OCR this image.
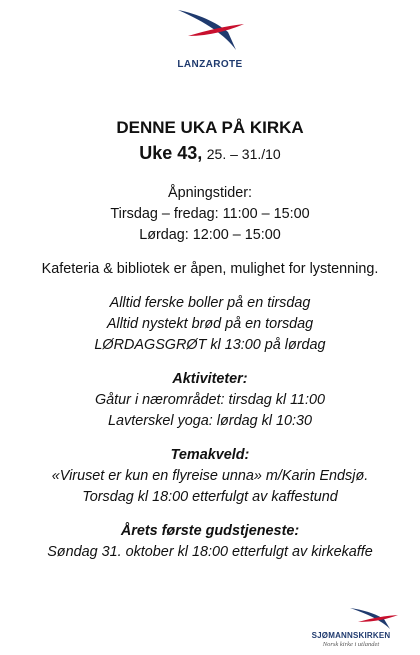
LANZAROTE
DENNE UKA PÅ KIRKA
Uke 43, 25. – 31./10
Åpningstider:
Tirsdag – fredag: 11:00 – 15:00
Lørdag: 12:00 – 15:00
Kafeteria & bibliotek er åpen, mulighet for lystenning.
Alltid ferske boller på en tirsdag
Alltid nystekt brød på en torsdag
LØRDAGSGRØT kl 13:00 på lørdag
Aktiviteter:
Gåtur i nærområdet: tirsdag kl 11:00
Lavterskel yoga: lørdag kl 10:30
Temakveld:
«Viruset er kun en flyreise unna» m/Karin Endsjø.
Torsdag kl 18:00 etterfulgt av kaffestund
Årets første gudstjeneste:
Søndag 31. oktober kl 18:00 etterfulgt av kirkekaffe
SJØMANNSKIRKEN
Norsk kirke i utlandet
